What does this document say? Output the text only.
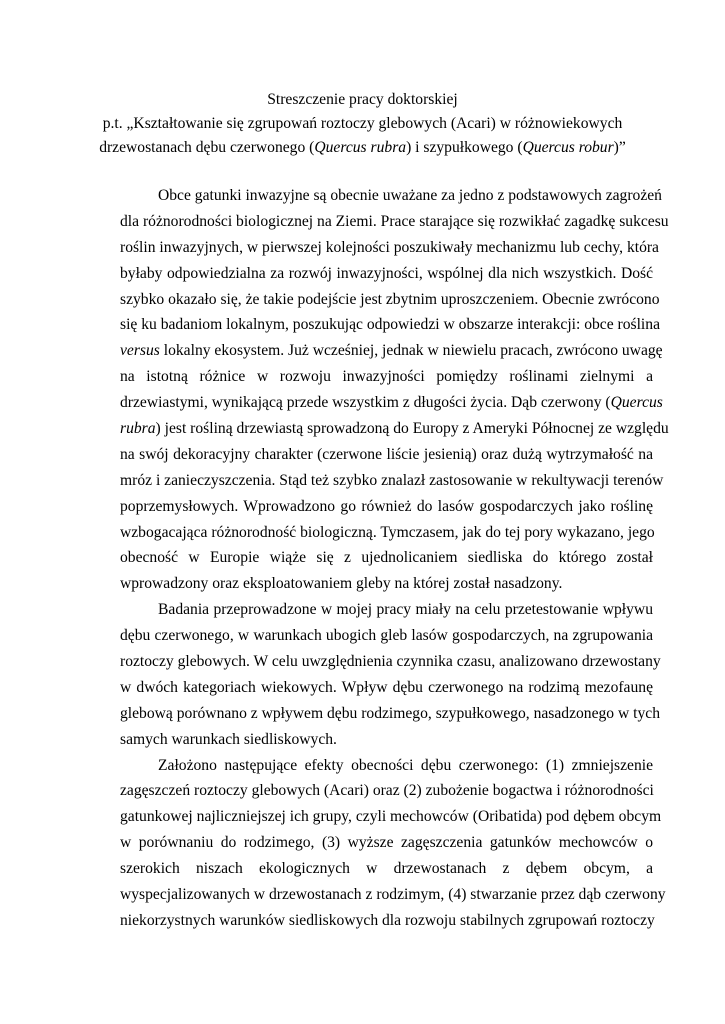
Streszczenie pracy doktorskiej
p.t. „Kształtowanie się zgrupowań roztoczy glebowych (Acari) w różnowiekowych
drzewostanach dębu czerwonego (Quercus rubra) i szypułkowego (Quercus robur)”
Obce gatunki inwazyjne są obecnie uważane za jedno z podstawowych zagrożeń
dla różnorodności biologicznej na Ziemi. Prace starające się rozwikłać zagadkę sukcesu
roślin inwazyjnych, w pierwszej kolejności poszukiwały mechanizmu lub cechy, która
byłaby odpowiedzialna za rozwój inwazyjności, wspólnej dla nich wszystkich. Dość
szybko okazało się, że takie podejście jest zbytnim uproszczeniem. Obecnie zwrócono
się ku badaniom lokalnym, poszukując odpowiedzi w obszarze interakcji: obce roślina
versus lokalny ekosystem. Już wcześniej, jednak w niewielu pracach, zwrócono uwagę
na istotną różnice w rozwoju inwazyjności pomiędzy roślinami zielnymi a
drzewiastymi, wynikającą przede wszystkim z długości życia. Dąb czerwony (Quercus
rubra) jest rośliną drzewiastą sprowadzoną do Europy z Ameryki Północnej ze względu
na swój dekoracyjny charakter (czerwone liście jesienią) oraz dużą wytrzymałość na
mróz i zanieczyszczenia. Stąd też szybko znalazł zastosowanie w rekultywacji terenów
poprzemysłowych. Wprowadzono go również do lasów gospodarczych jako roślinę
wzbogacająca różnorodność biologiczną. Tymczasem, jak do tej pory wykazano, jego
obecność w Europie wiąże się z ujednolicaniem siedliska do którego został
wprowadzony oraz eksploatowaniem gleby na której został nasadzony.
Badania przeprowadzone w mojej pracy miały na celu przetestowanie wpływu
dębu czerwonego, w warunkach ubogich gleb lasów gospodarczych, na zgrupowania
roztoczy glebowych. W celu uwzględnienia czynnika czasu, analizowano drzewostany
w dwóch kategoriach wiekowych. Wpływ dębu czerwonego na rodzimą mezofaunę
glebową porównano z wpływem dębu rodzimego, szypułkowego, nasadzonego w tych
samych warunkach siedliskowych.
Założono następujące efekty obecności dębu czerwonego: (1) zmniejszenie
zagęszczeń roztoczy glebowych (Acari) oraz (2) zubożenie bogactwa i różnorodności
gatunkowej najliczniejszej ich grupy, czyli mechowców (Oribatida) pod dębem obcym
w porównaniu do rodzimego, (3) wyższe zagęszczenia gatunków mechowców o
szerokich niszach ekologicznych w drzewostanach z dębem obcym, a
wyspecjalizowanych w drzewostanach z rodzimym, (4) stwarzanie przez dąb czerwony
niekorzystnych warunków siedliskowych dla rozwoju stabilnych zgrupowań roztoczy
